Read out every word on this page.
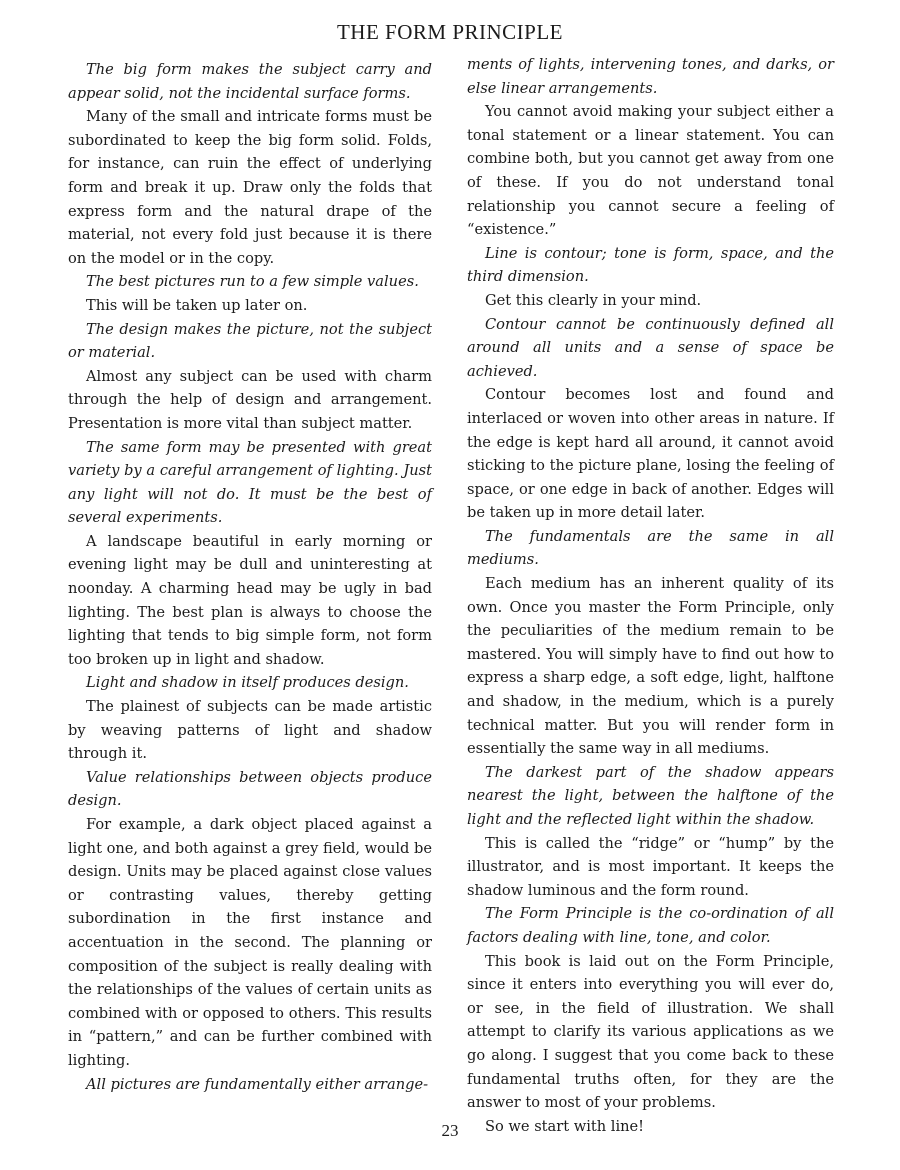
THE FORM PRINCIPLE

The big form makes the subject carry and appear solid, not the incidental surface forms.

Many of the small and intricate forms must be subordinated to keep the big form solid. Folds, for instance, can ruin the effect of underlying form and break it up. Draw only the folds that express form and the natural drape of the material, not every fold just because it is there on the model or in the copy.

The best pictures run to a few simple values.

This will be taken up later on.

The design makes the picture, not the subject or material.

Almost any subject can be used with charm through the help of design and arrangement. Presentation is more vital than subject matter.

The same form may be presented with great variety by a careful arrangement of lighting. Just any light will not do. It must be the best of several experiments.

A landscape beautiful in early morning or evening light may be dull and uninteresting at noonday. A charming head may be ugly in bad lighting. The best plan is always to choose the lighting that tends to big simple form, not form too broken up in light and shadow.

Light and shadow in itself produces design.

The plainest of subjects can be made artistic by weaving patterns of light and shadow through it.

Value relationships between objects produce design.

For example, a dark object placed against a light one, and both against a grey field, would be design. Units may be placed against close values or contrasting values, thereby getting subordination in the first instance and accentuation in the second. The planning or composition of the subject is really dealing with the relationships of the values of certain units as combined with or opposed to others. This results in “pattern,” and can be further combined with lighting.

All pictures are fundamentally either arrange-

ments of lights, intervening tones, and darks, or else linear arrangements.

You cannot avoid making your subject either a tonal statement or a linear statement. You can combine both, but you cannot get away from one of these. If you do not understand tonal relationship you cannot secure a feeling of “existence.”

Line is contour; tone is form, space, and the third dimension.

Get this clearly in your mind.

Contour cannot be continuously defined all around all units and a sense of space be achieved.

Contour becomes lost and found and interlaced or woven into other areas in nature. If the edge is kept hard all around, it cannot avoid sticking to the picture plane, losing the feeling of space, or one edge in back of another. Edges will be taken up in more detail later.

The fundamentals are the same in all mediums.

Each medium has an inherent quality of its own. Once you master the Form Principle, only the peculiarities of the medium remain to be mastered. You will simply have to find out how to express a sharp edge, a soft edge, light, halftone and shadow, in the medium, which is a purely technical matter. But you will render form in essentially the same way in all mediums.

The darkest part of the shadow appears nearest the light, between the halftone of the light and the reflected light within the shadow.

This is called the “ridge” or “hump” by the illustrator, and is most important. It keeps the shadow luminous and the form round.

The Form Principle is the co-ordination of all factors dealing with line, tone, and color.

This book is laid out on the Form Principle, since it enters into everything you will ever do, or see, in the field of illustration. We shall attempt to clarify its various applications as we go along. I suggest that you come back to these fundamental truths often, for they are the answer to most of your problems.

So we start with line!

23
